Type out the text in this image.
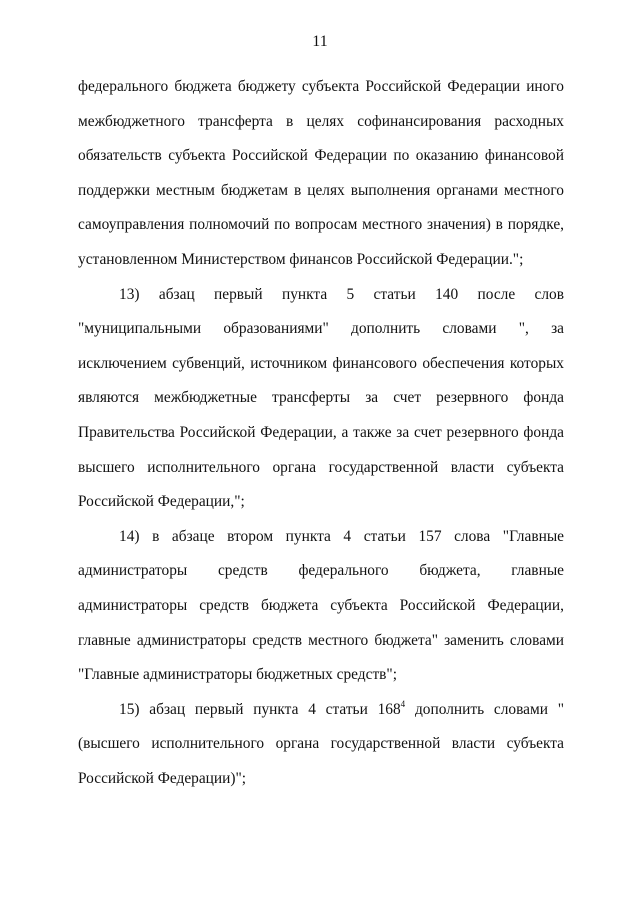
11

федерального бюджета бюджету субъекта Российской Федерации иного межбюджетного трансферта в целях софинансирования расходных обязательств субъекта Российской Федерации по оказанию финансовой поддержки местным бюджетам в целях выполнения органами местного самоуправления полномочий по вопросам местного значения) в порядке, установленном Министерством финансов Российской Федерации.";

13) абзац первый пункта 5 статьи 140 после слов "муниципальными образованиями" дополнить словами ", за исключением субвенций, источником финансового обеспечения которых являются межбюджетные трансферты за счет резервного фонда Правительства Российской Федерации, а также за счет резервного фонда высшего исполнительного органа государственной власти субъекта Российской Федерации,";

14) в абзаце втором пункта 4 статьи 157 слова "Главные администраторы средств федерального бюджета, главные администраторы средств бюджета субъекта Российской Федерации, главные администраторы средств местного бюджета" заменить словами "Главные администраторы бюджетных средств";

15) абзац первый пункта 4 статьи $168^4$ дополнить словами "(высшего исполнительного органа государственной власти субъекта Российской Федерации)";
